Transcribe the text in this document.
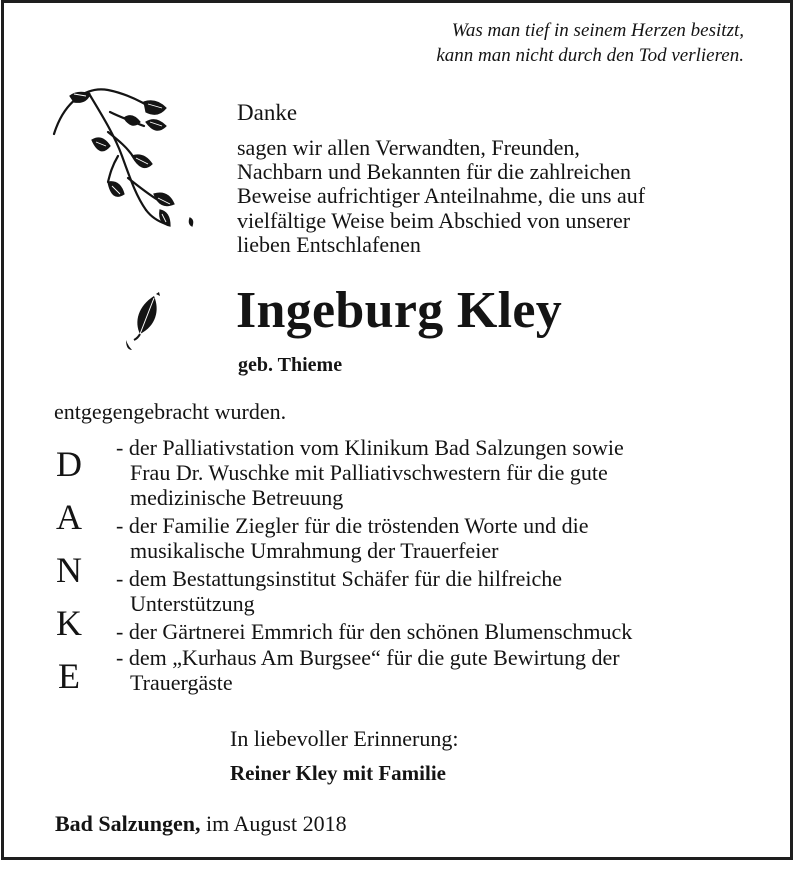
Was man tief in seinem Herzen besitzt,
kann man nicht durch den Tod verlieren.
Danke
sagen wir allen Verwandten, Freunden,
Nachbarn und Bekannten für die zahlreichen
Beweise aufrichtiger Anteilnahme, die uns auf
vielfältige Weise beim Abschied von unserer
lieben Entschlafenen
Ingeburg Kley
geb. Thieme
entgegengebracht wurden.
D
A
N
K
E
- der Palliativstation vom Klinikum Bad Salzungen sowie
Frau Dr. Wuschke mit Palliativschwestern für die gute
medizinische Betreuung
- der Familie Ziegler für die tröstenden Worte und die
musikalische Umrahmung der Trauerfeier
- dem Bestattungsinstitut Schäfer für die hilfreiche
Unterstützung
- der Gärtnerei Emmrich für den schönen Blumenschmuck
- dem „Kurhaus Am Burgsee“ für die gute Bewirtung der
Trauergäste
In liebevoller Erinnerung:
Reiner Kley mit Familie
Bad Salzungen, im August 2018
